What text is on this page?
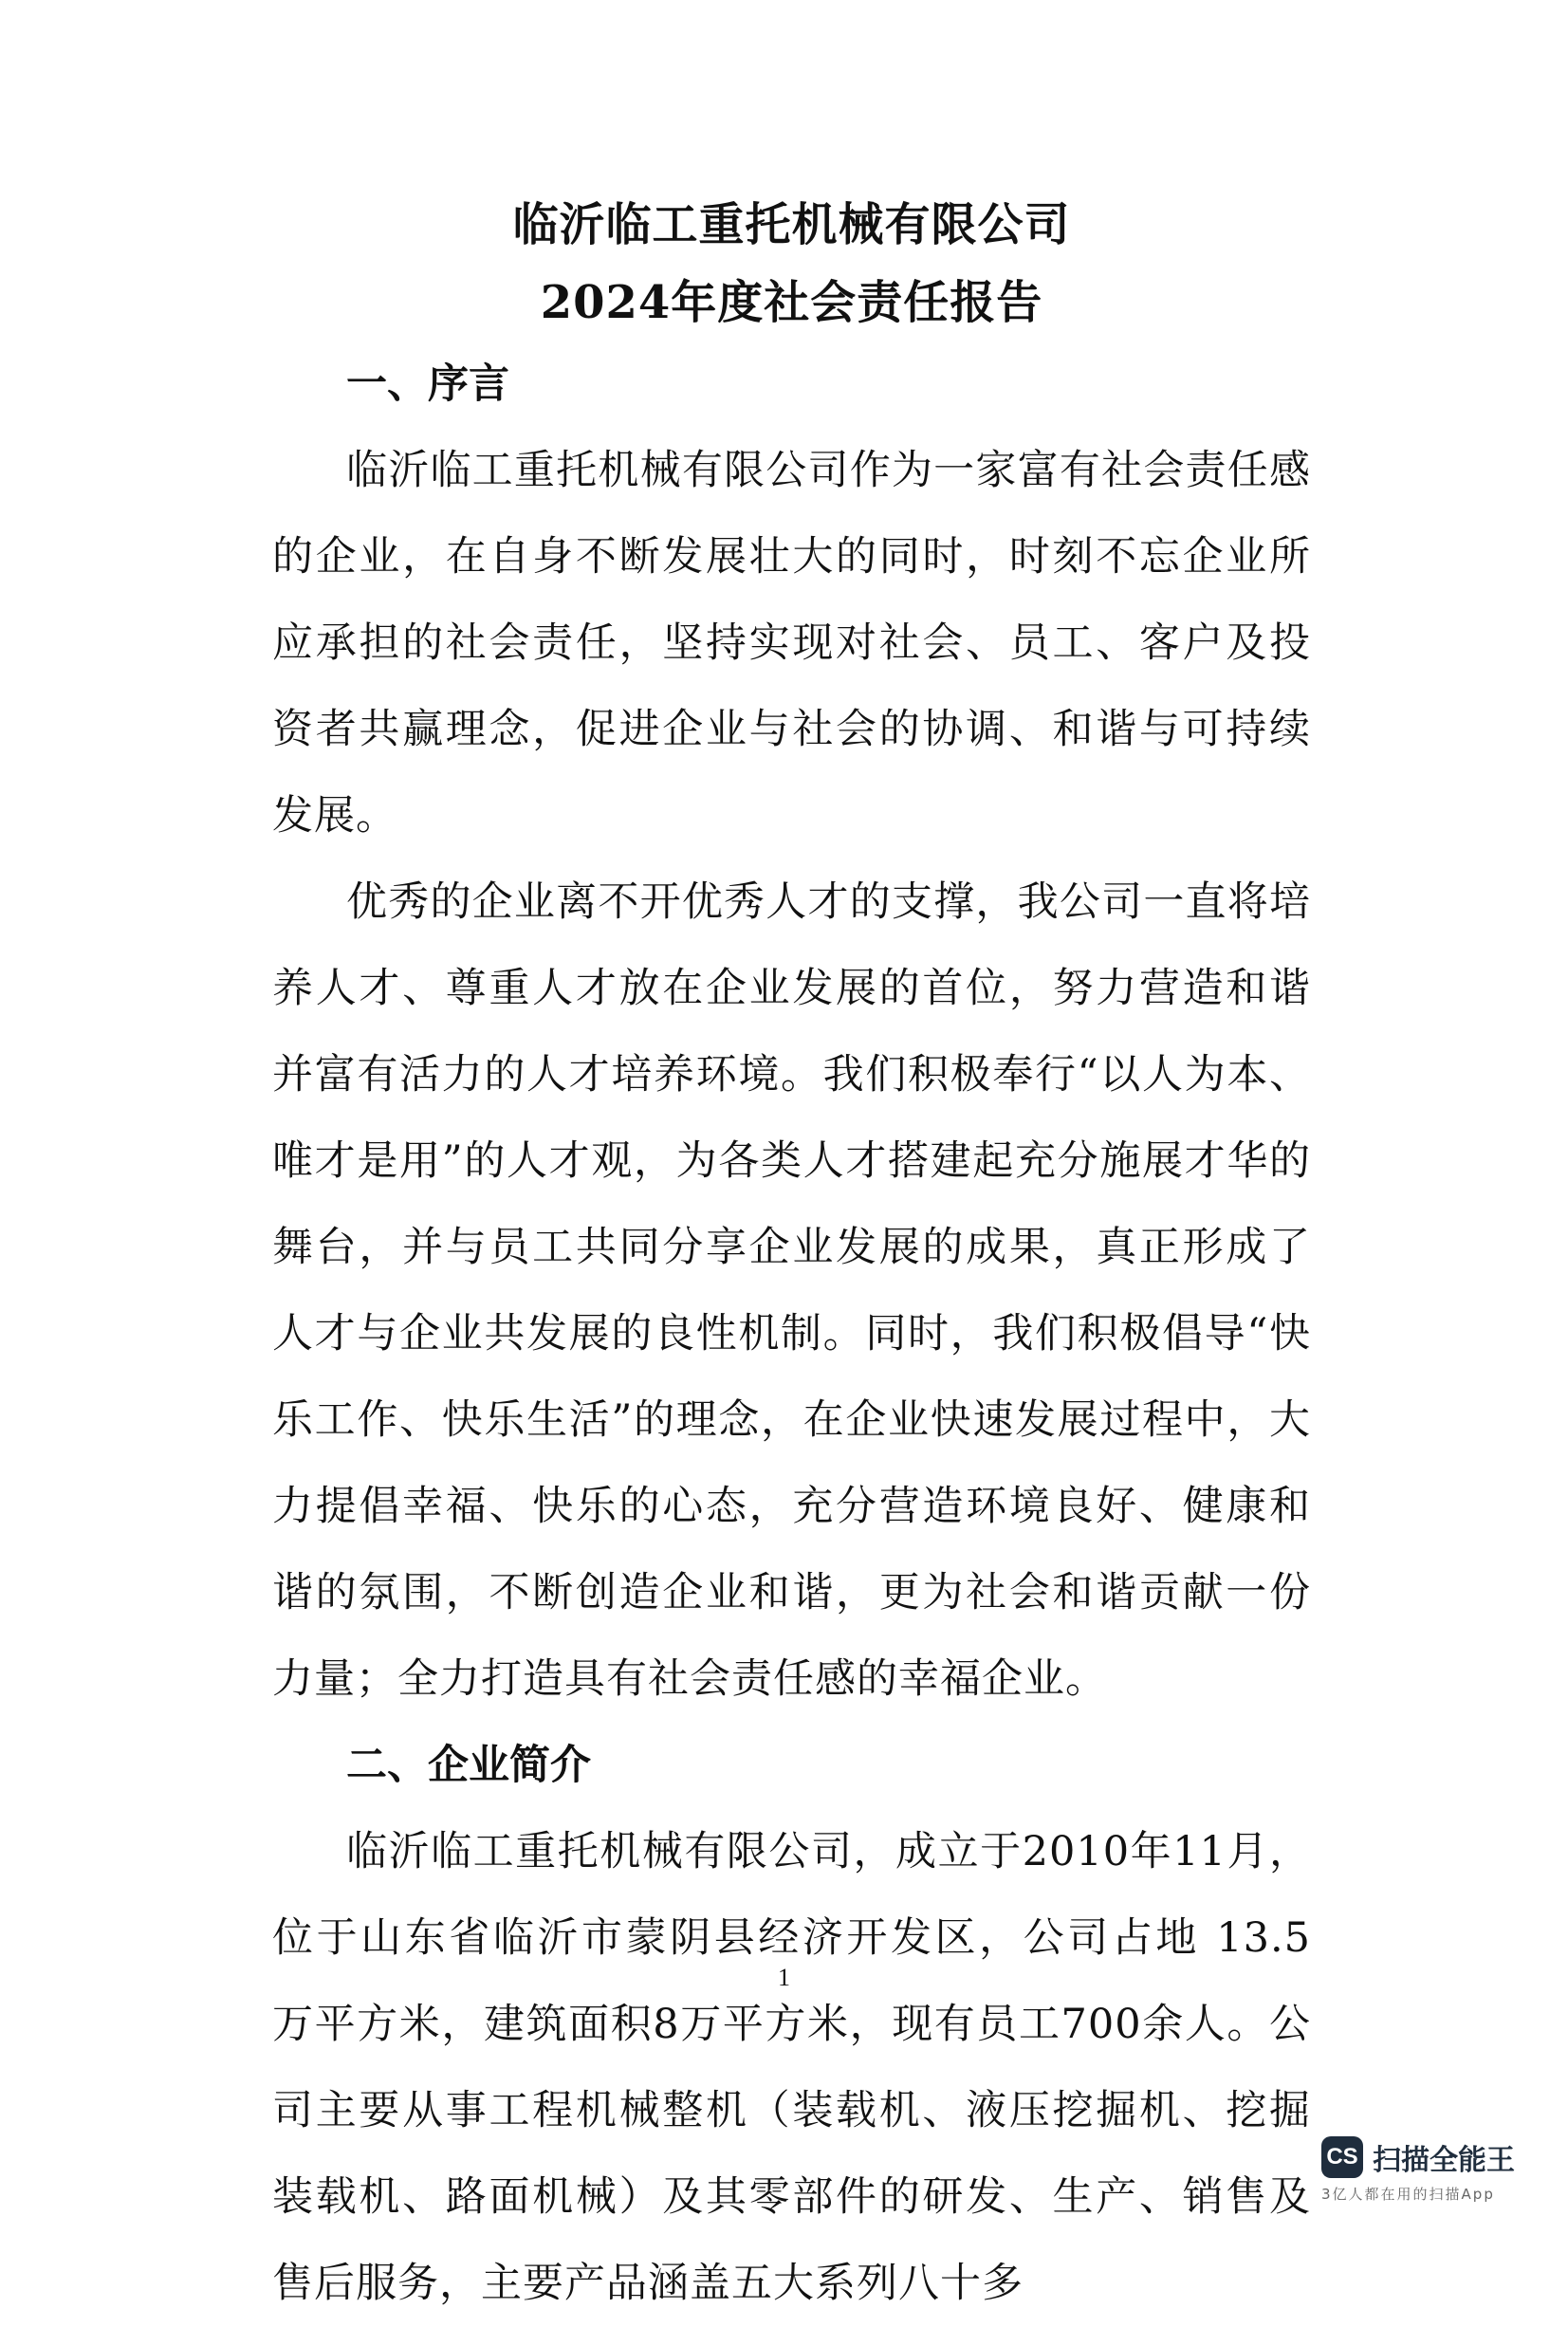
临沂临工重托机械有限公司
2024年度社会责任报告
一、序言

临沂临工重托机械有限公司作为一家富有社会责任感的企业，在自身不断发展壮大的同时，时刻不忘企业所应承担的社会责任，坚持实现对社会、员工、客户及投资者共赢理念，促进企业与社会的协调、和谐与可持续发展。

优秀的企业离不开优秀人才的支撑，我公司一直将培养人才、尊重人才放在企业发展的首位，努力营造和谐并富有活力的人才培养环境。我们积极奉行“以人为本、唯才是用”的人才观，为各类人才搭建起充分施展才华的舞台，并与员工共同分享企业发展的成果，真正形成了人才与企业共发展的良性机制。同时，我们积极倡导“快乐工作、快乐生活”的理念，在企业快速发展过程中，大力提倡幸福、快乐的心态，充分营造环境良好、健康和谐的氛围，不断创造企业和谐，更为社会和谐贡献一份力量；全力打造具有社会责任感的幸福企业。

二、企业简介

临沂临工重托机械有限公司，成立于2010年11月，位于山东省临沂市蒙阴县经济开发区，公司占地 13.5 万平方米，建筑面积8万平方米，现有员工700余人。公司主要从事工程机械整机（装载机、液压挖掘机、挖掘装载机、路面机械）及其零部件的研发、生产、销售及售后服务，主要产品涵盖五大系列八十多

1
CS 扫描全能王
3亿人都在用的扫描App
